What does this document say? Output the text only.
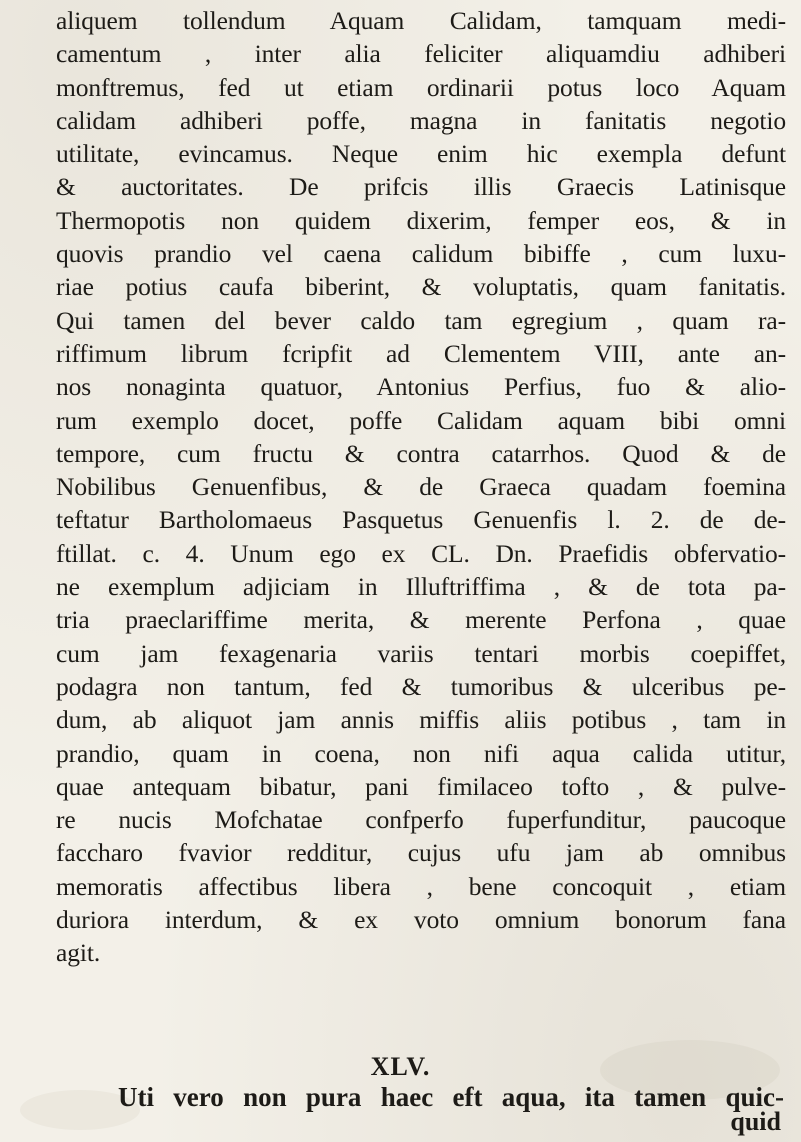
aliquem tollendum Aquam Calidam, tamquam medi-
camentum , inter alia feliciter aliquamdiu adhiberi
monftremus, fed ut etiam ordinarii potus loco Aquam
calidam adhiberi poffe, magna in fanitatis negotio
utilitate, evincamus. Neque enim hic exempla defunt
& auctoritates. De prifcis illis Graecis Latinisque
Thermopotis non quidem dixerim, femper eos, & in
quovis prandio vel caena calidum bibiffe , cum luxu-
riae potius caufa biberint, & voluptatis, quam fanitatis.
Qui tamen del bever caldo tam egregium , quam ra-
riffimum librum fcripfit ad Clementem VIII, ante an-
nos nonaginta quatuor, Antonius Perfius, fuo & alio-
rum exemplo docet, poffe Calidam aquam bibi omni
tempore, cum fructu & contra catarrhos. Quod & de
Nobilibus Genuenfibus, & de Graeca quadam foemina
teftatur Bartholomaeus Pasquetus Genuenfis l. 2. de de-
ftillat. c. 4. Unum ego ex CL. Dn. Praefidis obfervatio-
ne exemplum adjiciam in Illuftriffima , & de tota pa-
tria praeclariffime merita, & merente Perfona , quae
cum jam fexagenaria variis tentari morbis coepiffet,
podagra non tantum, fed & tumoribus & ulceribus pe-
dum, ab aliquot jam annis miffis aliis potibus , tam in
prandio, quam in coena, non nifi aqua calida utitur,
quae antequam bibatur, pani fimilaceo tofto , & pulve-
re nucis Mofchatae confperfo fuperfunditur, paucoque
faccharo fvavior redditur, cujus ufu jam ab omnibus
memoratis affectibus libera , bene concoquit , etiam
duriora interdum, & ex voto omnium bonorum fana
agit.
XLV.
Uti vero non pura haec eft aqua, ita tamen quic-
quid
